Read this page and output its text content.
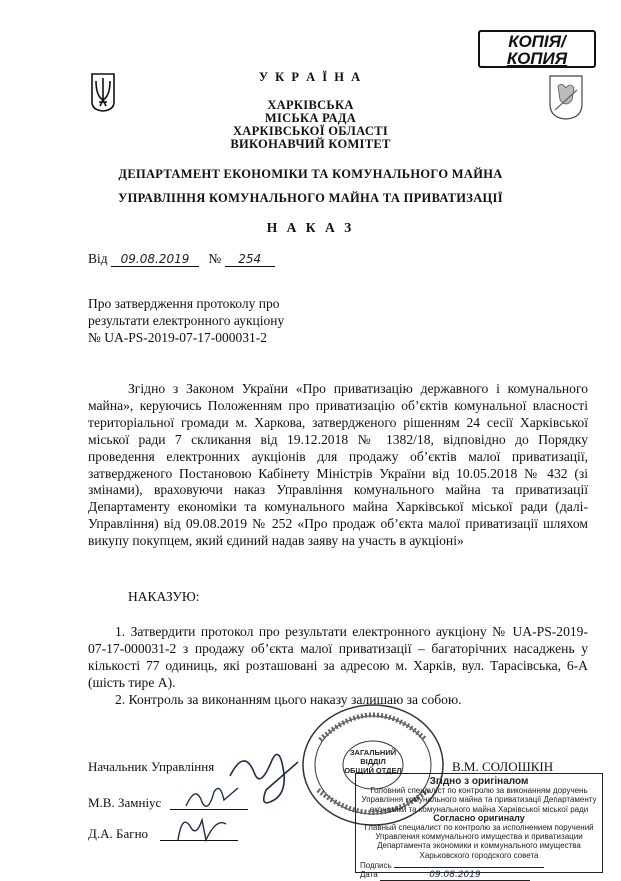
КОПІЯ/
КОПИЯ
У К Р А Ї Н А
ХАРКІВСЬКА
МІСЬКА РАДА
ХАРКІВСЬКОЇ ОБЛАСТІ
ВИКОНАВЧИЙ КОМІТЕТ
ДЕПАРТАМЕНТ ЕКОНОМІКИ ТА КОМУНАЛЬНОГО МАЙНА
УПРАВЛІННЯ КОМУНАЛЬНОГО МАЙНА ТА ПРИВАТИЗАЦІЇ
Н А К А З
Від 09.08.2019 № 254
Про затвердження протоколу про
результати електронного аукціону
№ UA-PS-2019-07-17-000031-2

Згідно з Законом України «Про приватизацію державного і комунального майна», керуючись Положенням про приватизацію об’єктів комунальної власності територіальної громади м. Харкова, затвердженого рішенням 24 сесії Харківської міської ради 7 скликання від 19.12.2018 № 1382/18, відповідно до Порядку проведення електронних аукціонів для продажу об’єктів малої приватизації, затвердженого Постановою Кабінету Міністрів України від 10.05.2018 № 432 (зі змінами), враховуючи наказ Управління комунального майна та приватизації Департаменту економіки та комунального майна Харківської міської ради (далі- Управління) від 09.08.2019 № 252 «Про продаж об’єкта малої приватизації шляхом викупу покупцем, який єдиний надав заяву на участь в аукціоні»

НАКАЗУЮ:

1. Затвердити протокол про результати електронного аукціону № UA-PS-2019-07-17-000031-2 з продажу об’єкта малої приватизації – багаторічних насаджень у кількості 77 одиниць, які розташовані за адресою м. Харків, вул. Тарасівська, 6-А (шість тире А).

2. Контроль за виконанням цього наказу залишаю за собою.

ЗАГАЛЬНИЙ
ВІДДІЛ
ОБЩИЙ ОТДЕЛ
Начальник Управління	В.М. СОЛОШКІН
М.В. Замніус
Д.А. Багно
Згідно з оригіналом
Головний спеціаліст по контролю за виконанням доручень Управління комунального майна та приватизації Департаменту економіки та комунального майна Харківської міської ради
Согласно оригиналу
Главный специалист по контролю за исполнением поручений Управления коммунального имущества и приватизации Департамента экономики и коммунального имущества Харьковского городского совета
Подпись
Дата	09.08.2019
